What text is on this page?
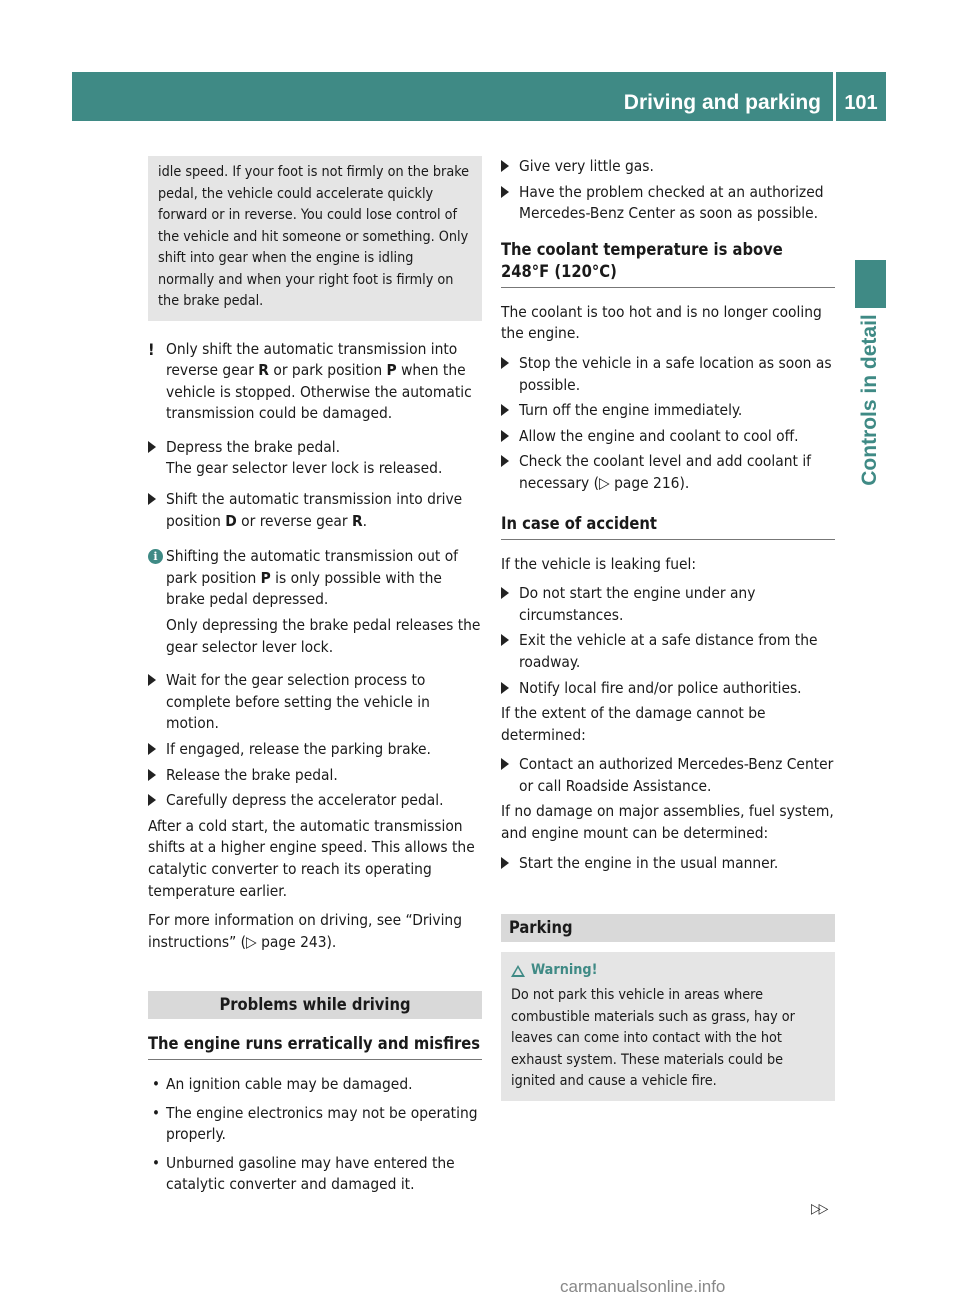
Driving and parking	101
Controls in detail
idle speed. If your foot is not firmly on the brake pedal, the vehicle could accelerate quickly forward or in reverse. You could lose control of the vehicle and hit someone or something. Only shift into gear when the engine is idling normally and when your right foot is firmly on the brake pedal.
! Only shift the automatic transmission into reverse gear R or park position P when the vehicle is stopped. Otherwise the automatic transmission could be damaged.
Depress the brake pedal.
The gear selector lever lock is released.
Shift the automatic transmission into drive position D or reverse gear R.
i Shifting the automatic transmission out of park position P is only possible with the brake pedal depressed.
Only depressing the brake pedal releases the gear selector lever lock.
Wait for the gear selection process to complete before setting the vehicle in motion.
If engaged, release the parking brake.
Release the brake pedal.
Carefully depress the accelerator pedal.

After a cold start, the automatic transmission shifts at a higher engine speed. This allows the catalytic converter to reach its operating temperature earlier.

For more information on driving, see “Driving instructions” (▷ page 243).

Problems while driving
The engine runs erratically and misfires
• An ignition cable may be damaged.
• The engine electronics may not be operating properly.
• Unburned gasoline may have entered the catalytic converter and damaged it.
Give very little gas.
Have the problem checked at an authorized Mercedes-Benz Center as soon as possible.
The coolant temperature is above 248°F (120°C)

The coolant is too hot and is no longer cooling the engine.

Stop the vehicle in a safe location as soon as possible.
Turn off the engine immediately.
Allow the engine and coolant to cool off.
Check the coolant level and add coolant if necessary (▷ page 216).
In case of accident

If the vehicle is leaking fuel:

Do not start the engine under any circumstances.
Exit the vehicle at a safe distance from the roadway.
Notify local fire and/or police authorities.

If the extent of the damage cannot be determined:

Contact an authorized Mercedes-Benz Center or call Roadside Assistance.

If no damage on major assemblies, fuel system, and engine mount can be determined:

Start the engine in the usual manner.
Parking
Warning!
Do not park this vehicle in areas where combustible materials such as grass, hay or leaves can come into contact with the hot exhaust system. These materials could be ignited and cause a vehicle fire.
▷▷
carmanualsonline.info
